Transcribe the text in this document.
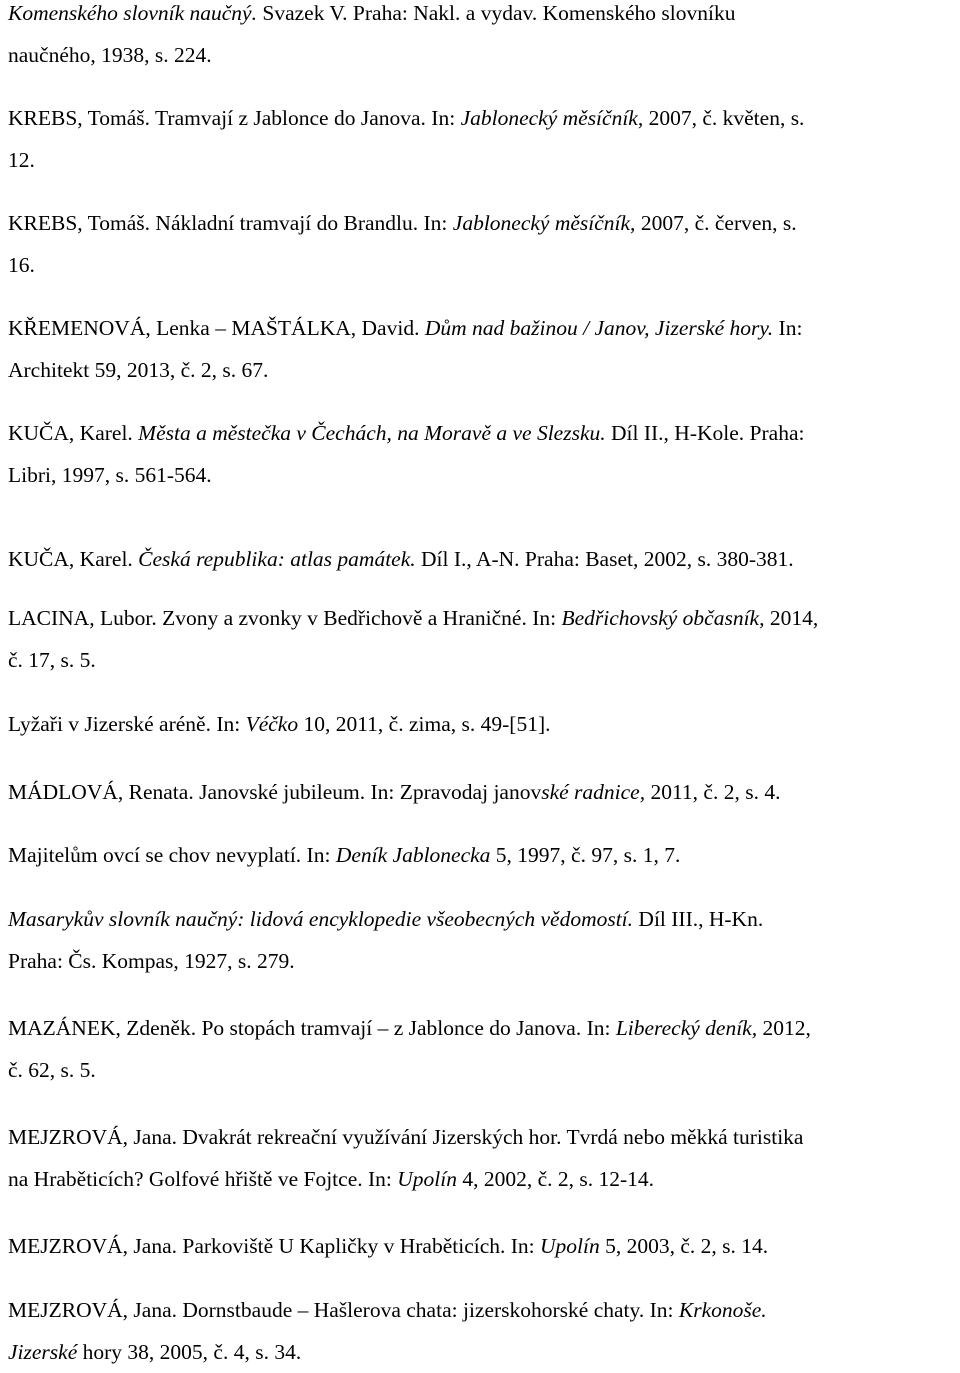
Komenského slovník naučný. Svazek V. Praha: Nakl. a vydav. Komenského slovníku
naučného, 1938, s. 224.

KREBS, Tomáš. Tramvají z Jablonce do Janova. In: Jablonecký měsíčník, 2007, č. květen, s.
12.

KREBS, Tomáš. Nákladní tramvají do Brandlu. In: Jablonecký měsíčník, 2007, č. červen, s.
16.

KŘEMENOVÁ, Lenka – MAŠTÁLKA, David. Dům nad bažinou / Janov, Jizerské hory. In:
Architekt 59, 2013, č. 2, s. 67.

KUČA, Karel. Města a městečka v Čechách, na Moravě a ve Slezsku. Díl II., H-Kole. Praha:
Libri, 1997, s. 561-564.

KUČA, Karel. Česká republika: atlas památek. Díl I., A-N. Praha: Baset, 2002, s. 380-381.

LACINA, Lubor. Zvony a zvonky v Bedřichově a Hraničné. In: Bedřichovský občasník, 2014,
č. 17, s. 5.

Lyžaři v Jizerské aréně. In: Véčko 10, 2011, č. zima, s. 49-[51].

MÁDLOVÁ, Renata. Janovské jubileum. In: Zpravodaj janovské radnice, 2011, č. 2, s. 4.

Majitelům ovcí se chov nevyplatí. In: Deník Jablonecka 5, 1997, č. 97, s. 1, 7.

Masarykův slovník naučný: lidová encyklopedie všeobecných vědomostí. Díl III., H-Kn.
Praha: Čs. Kompas, 1927, s. 279.

MAZÁNEK, Zdeněk. Po stopách tramvají – z Jablonce do Janova. In: Liberecký deník, 2012,
č. 62, s. 5.

MEJZROVÁ, Jana. Dvakrát rekreační využívání Jizerských hor. Tvrdá nebo měkká turistika
na Hraběticích? Golfové hřiště ve Fojtce. In: Upolín 4, 2002, č. 2, s. 12-14.

MEJZROVÁ, Jana. Parkoviště U Kapličky v Hraběticích. In: Upolín 5, 2003, č. 2, s. 14.

MEJZROVÁ, Jana. Dornstbaude – Hašlerova chata: jizerskohorské chaty. In: Krkonoše.
Jizerské hory 38, 2005, č. 4, s. 34.
